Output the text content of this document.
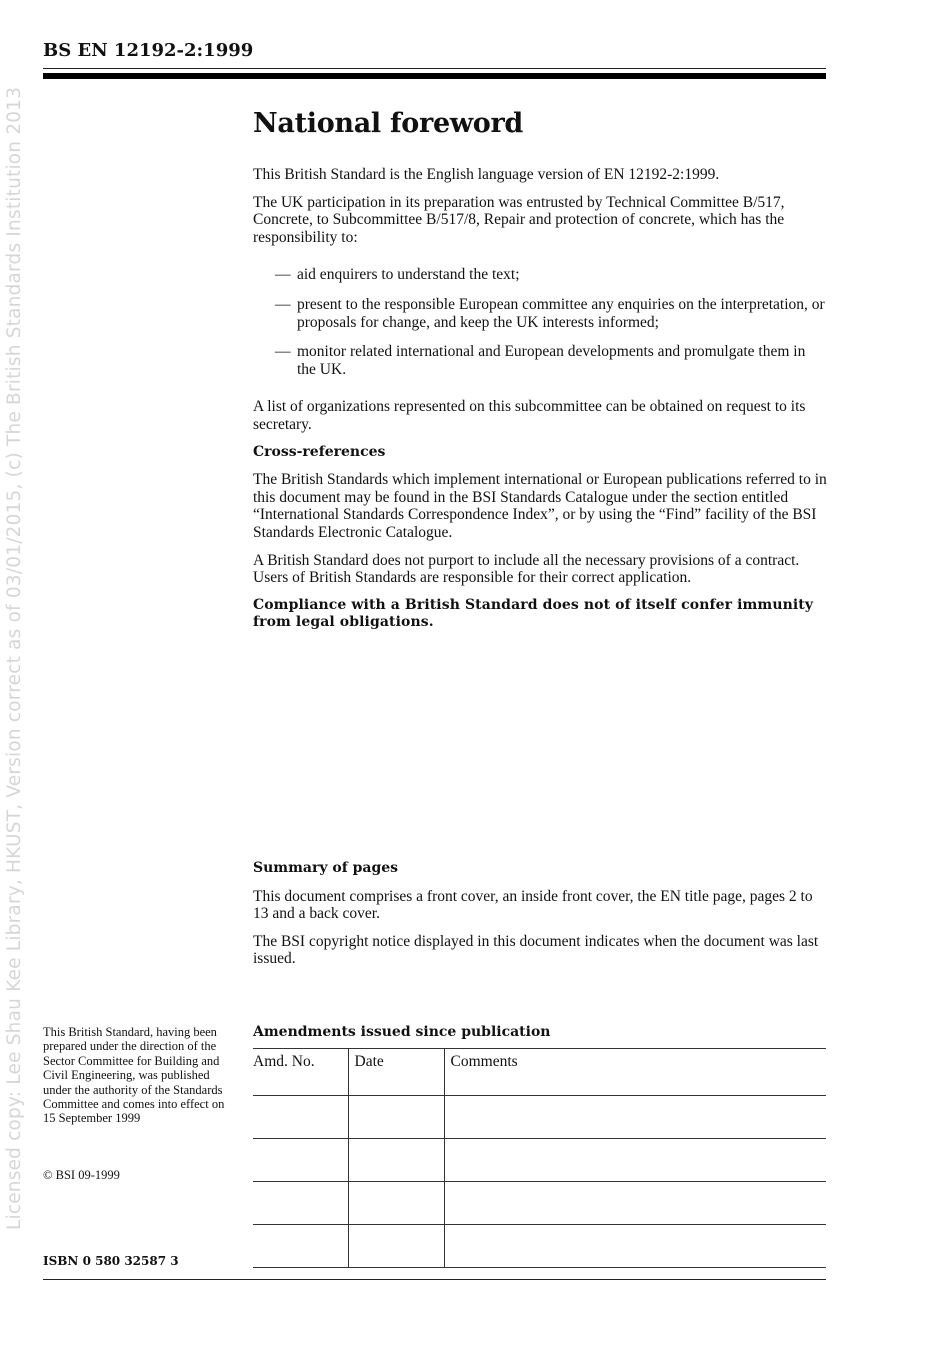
BS EN 12192-2:1999
Licensed copy: Lee Shau Kee Library, HKUST, Version correct as of 03/01/2015, (c) The British Standards Institution 2013	National foreword

This British Standard is the English language version of EN 12192-2:1999.

The UK participation in its preparation was entrusted by Technical Committee B/517, Concrete, to Subcommittee B/517/8, Repair and protection of concrete, which has the responsibility to:

— aid enquirers to understand the text;
— present to the responsible European committee any enquiries on the interpretation, or proposals for change, and keep the UK interests informed;
— monitor related international and European developments and promulgate them in the UK.

A list of organizations represented on this subcommittee can be obtained on request to its secretary.

Cross-references

The British Standards which implement international or European publications referred to in this document may be found in the BSI Standards Catalogue under the section entitled “International Standards Correspondence Index”, or by using the “Find” facility of the BSI Standards Electronic Catalogue.

A British Standard does not purport to include all the necessary provisions of a contract. Users of British Standards are responsible for their correct application.

Compliance with a British Standard does not of itself confer immunity from legal obligations.

Summary of pages

This document comprises a front cover, an inside front cover, the EN title page, pages 2 to 13 and a back cover.

The BSI copyright notice displayed in this document indicates when the document was last issued.

This British Standard, having been prepared under the direction of the Sector Committee for Building and Civil Engineering, was published under the authority of the Standards Committee and comes into effect on 15 September 1999
© BSI 09-1999
ISBN 0 580 32587 3
Amendments issued since publication
Amd. No.	Date	Comments
